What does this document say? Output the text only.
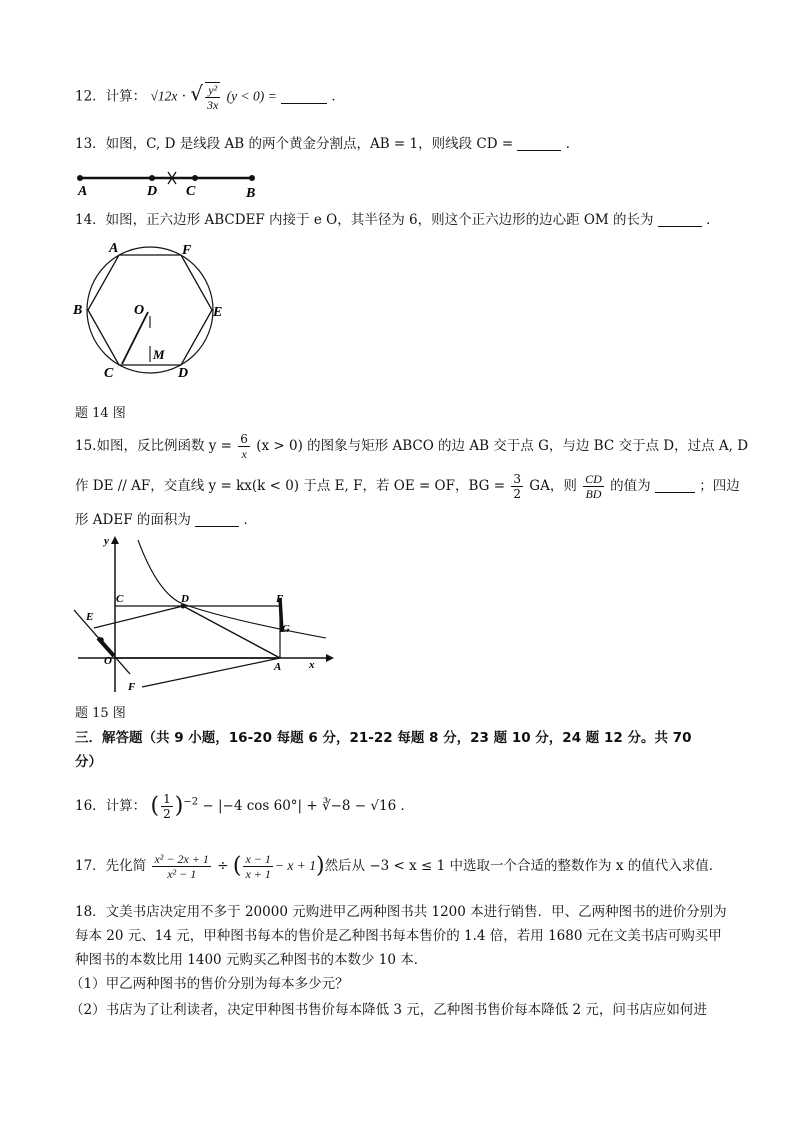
12．计算： √12x · √ $\frac{\text{y²}}{3x} (y < 0)$ =	．
13．如图，C, D 是线段 AB 的两个黄金分割点，AB = 1，则线段 CD =	．
A	D C	B
14．如图，正六边形 ABCDEF 内接于 e O，其半径为 6，则这个正六边形的边心距 OM 的长为	．
A	F
B	O	E
M
C	D
题 14 图
15.如图，反比例函数 $y = \frac{6}{x} (x > 0)$ 的图象与矩形 ABCO 的边 AB 交于点 G，与边 BC 交于点 D，过点 A, D
作 DE // AF，交直线 y = kx(k < 0) 于点 E, F，若 OE = OF，BG = $\frac{3}{2}$ GA，则 $\frac{CD}{BD}$ 的值为	；四边
形 ADEF 的面积为	．
y
C	D	F
E
G
O	A	x
F
题 15 图
三．解答题（共 9 小题，16-20 每题 6 分，21-22 每题 8 分，23 题 10 分，24 题 12 分。共 70
分）
16．计算： ( $\frac{1}{2} )^{-2} - |-4$ cos 60°| + ∛−8 − √16 ．
17．先化简 $\frac{\text{x² − 2x + 1}}{\text{x² − 1}}$ ÷ ( $\frac{x - 1}{x + 1} - x + 1$)然后从 −3 < x ≤ 1 中选取一个合适的整数作为 x 的值代入求值．
18．文美书店决定用不多于 20000 元购进甲乙两种图书共 1200 本进行销售．甲、乙两种图书的进价分别为
每本 20 元、14 元，甲种图书每本的售价是乙种图书每本售价的 1.4 倍，若用 1680 元在文美书店可购买甲
种图书的本数比用 1400 元购买乙种图书的本数少 10 本．
（1）甲乙两种图书的售价分别为每本多少元？
（2）书店为了让利读者，决定甲种图书售价每本降低 3 元，乙种图书售价每本降低 2 元，问书店应如何进
